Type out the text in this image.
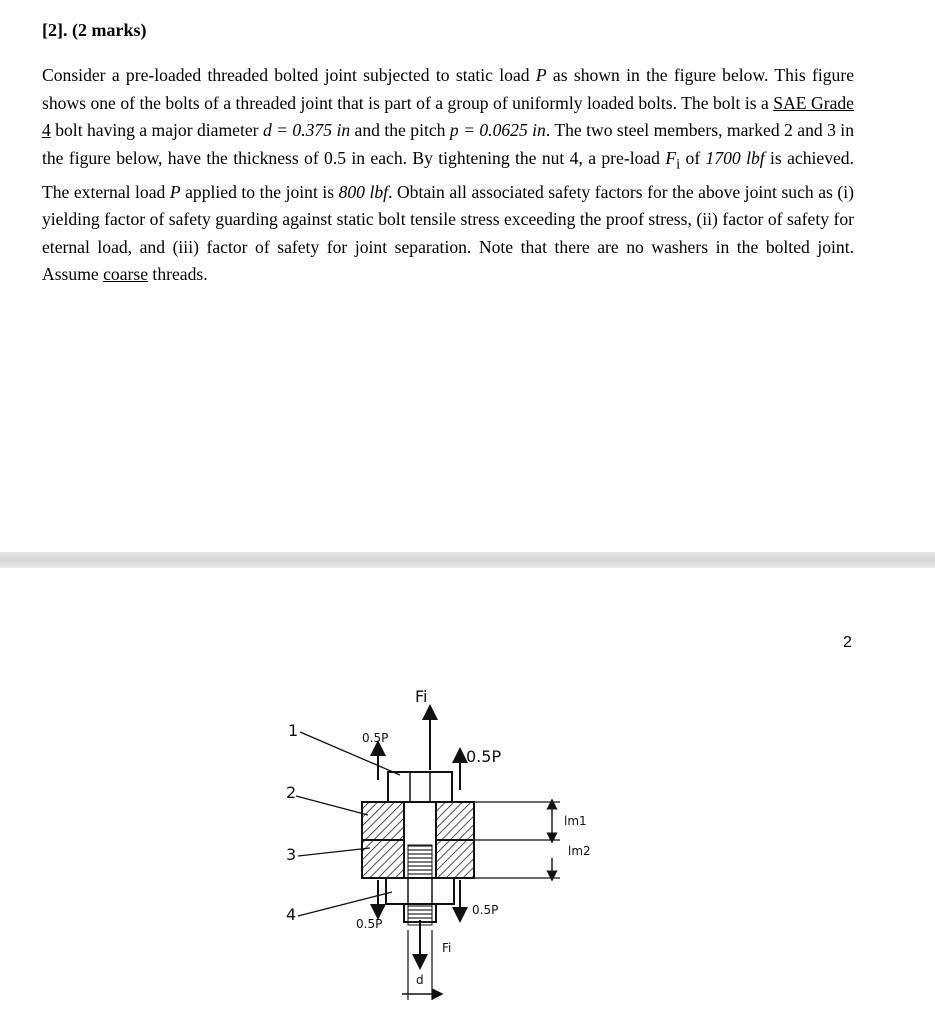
[2]. (2 marks)
Consider a pre-loaded threaded bolted joint subjected to static load P as shown in the figure below. This figure shows one of the bolts of a threaded joint that is part of a group of uniformly loaded bolts. The bolt is a SAE Grade 4 bolt having a major diameter d = 0.375 in and the pitch p = 0.0625 in. The two steel members, marked 2 and 3 in the figure below, have the thickness of 0.5 in each. By tightening the nut 4, a pre-load $F_i$ of 1700 lbf is achieved. The external load P applied to the joint is 800 lbf. Obtain all associated safety factors for the above joint such as (i) yielding factor of safety guarding against static bolt tensile stress exceeding the proof stress, (ii) factor of safety for eternal load, and (iii) factor of safety for joint separation. Note that there are no washers in the bolted joint. Assume coarse threads.
2
Fi
0.5P
0.5P
Fi
0.5P
0.5P
d
lm1
lm2
1
2
3
4
